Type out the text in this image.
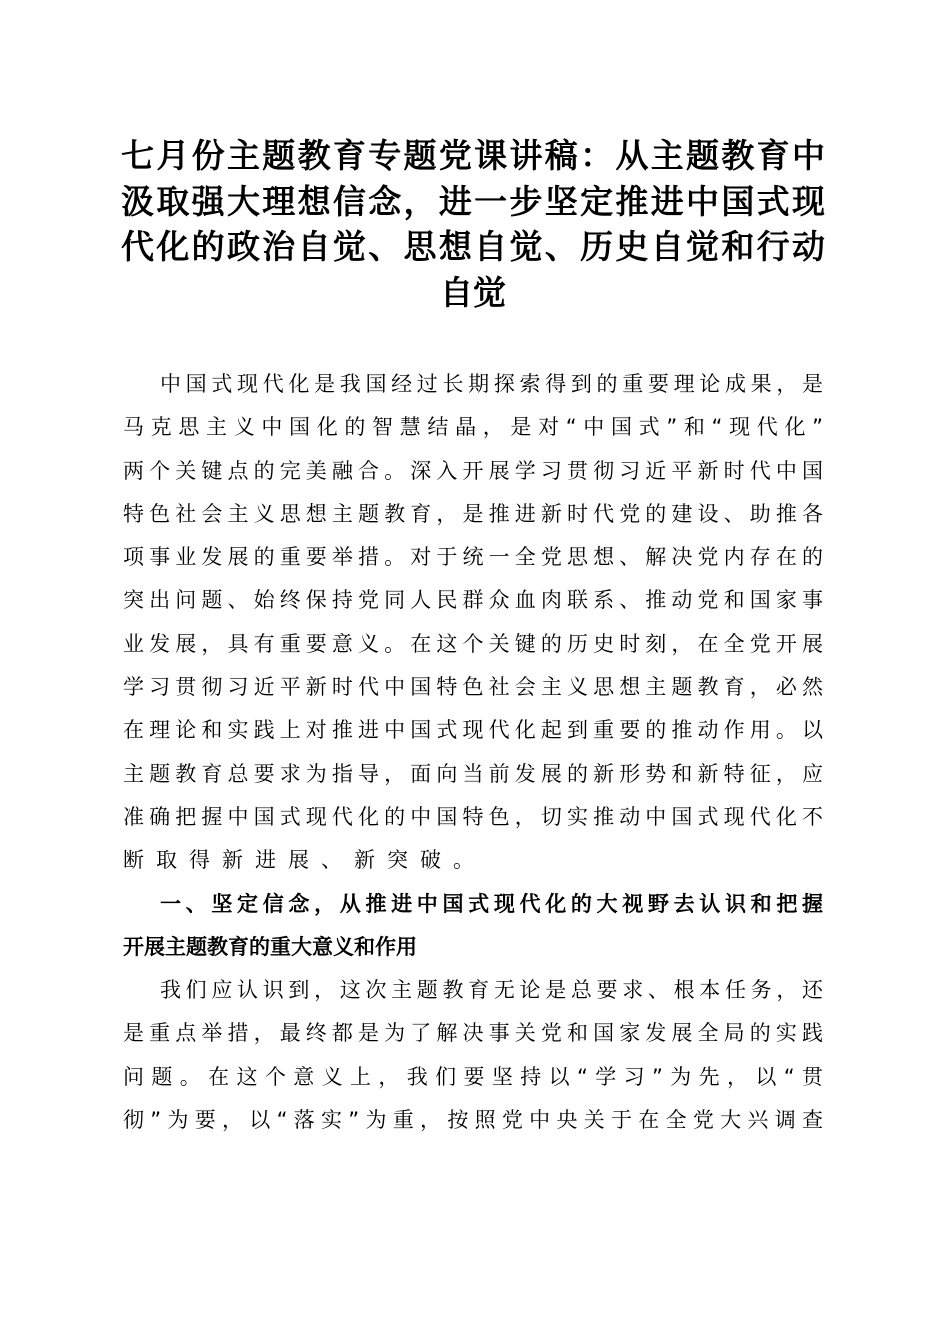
七月份主题教育专题党课讲稿：从主题教育中
汲取强大理想信念，进一步坚定推进中国式现
代化的政治自觉、思想自觉、历史自觉和行动
自觉
中国式现代化是我国经过长期探索得到的重要理论成果，是
马克思主义中国化的智慧结晶，是对“中国式”和“现代化”
两个关键点的完美融合。深入开展学习贯彻习近平新时代中国
特色社会主义思想主题教育，是推进新时代党的建设、助推各
项事业发展的重要举措。对于统一全党思想、解决党内存在的
突出问题、始终保持党同人民群众血肉联系、推动党和国家事
业发展，具有重要意义。在这个关键的历史时刻，在全党开展
学习贯彻习近平新时代中国特色社会主义思想主题教育，必然
在理论和实践上对推进中国式现代化起到重要的推动作用。以
主题教育总要求为指导，面向当前发展的新形势和新特征，应
准确把握中国式现代化的中国特色，切实推动中国式现代化不
断取得新进展、新突破。
一、坚定信念，从推进中国式现代化的大视野去认识和把握
开展主题教育的重大意义和作用
我们应认识到，这次主题教育无论是总要求、根本任务，还
是重点举措，最终都是为了解决事关党和国家发展全局的实践
问题。在这个意义上，我们要坚持以“学习”为先，以“贯
彻”为要，以“落实”为重，按照党中央关于在全党大兴调查
